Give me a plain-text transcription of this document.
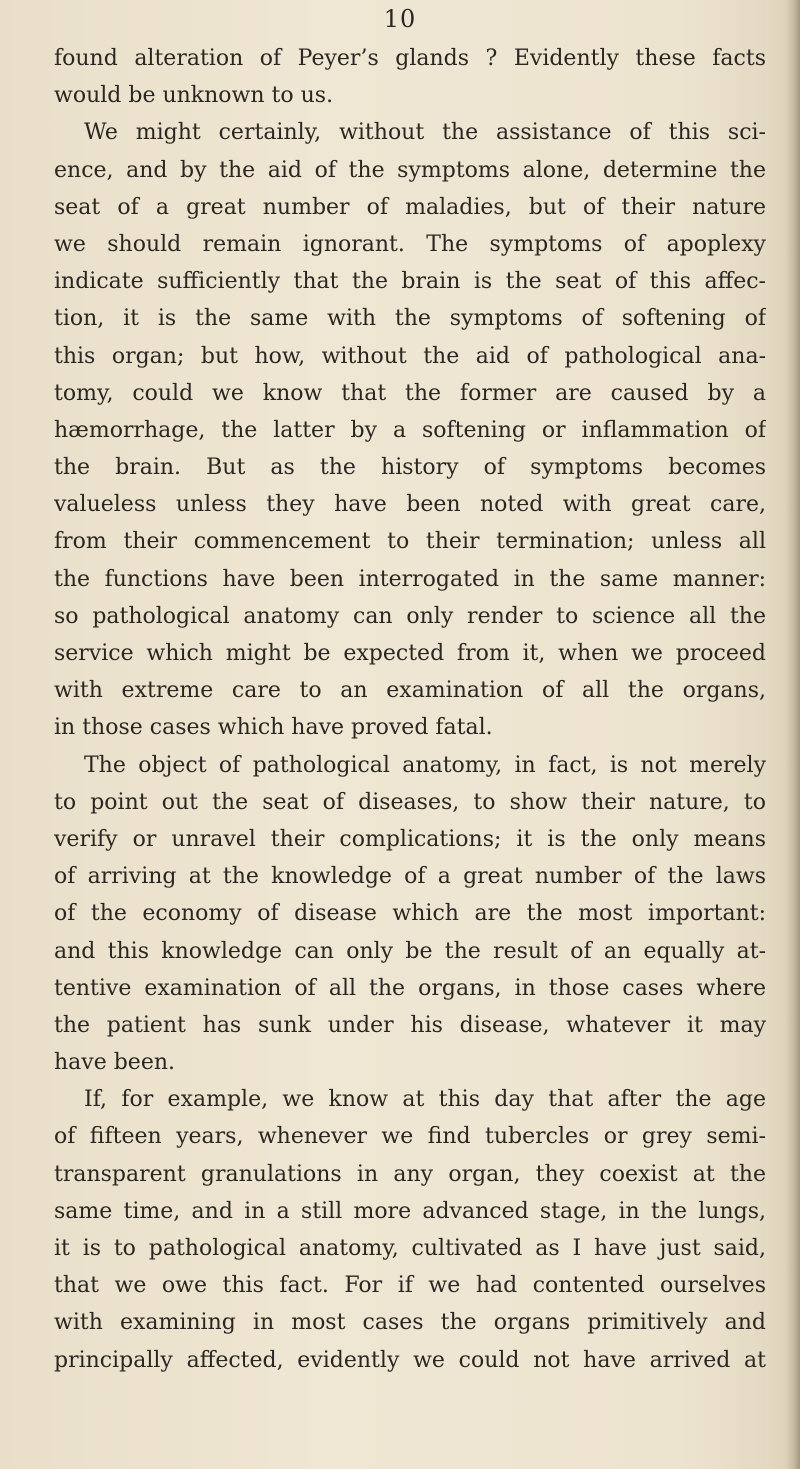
10
found alteration of Peyer’s glands ? Evidently these facts
would be unknown to us.
We might certainly, without the assistance of this sci-
ence, and by the aid of the symptoms alone, determine the
seat of a great number of maladies, but of their nature
we should remain ignorant. The symptoms of apoplexy
indicate sufficiently that the brain is the seat of this affec-
tion, it is the same with the symptoms of softening of
this organ; but how, without the aid of pathological ana-
tomy, could we know that the former are caused by a
hæmorrhage, the latter by a softening or inflammation of
the brain. But as the history of symptoms becomes
valueless unless they have been noted with great care,
from their commencement to their termination; unless all
the functions have been interrogated in the same manner:
so pathological anatomy can only render to science all the
service which might be expected from it, when we proceed
with extreme care to an examination of all the organs,
in those cases which have proved fatal.
The object of pathological anatomy, in fact, is not merely
to point out the seat of diseases, to show their nature, to
verify or unravel their complications; it is the only means
of arriving at the knowledge of a great number of the laws
of the economy of disease which are the most important:
and this knowledge can only be the result of an equally at-
tentive examination of all the organs, in those cases where
the patient has sunk under his disease, whatever it may
have been.
If, for example, we know at this day that after the age
of fifteen years, whenever we find tubercles or grey semi-
transparent granulations in any organ, they coexist at the
same time, and in a still more advanced stage, in the lungs,
it is to pathological anatomy, cultivated as I have just said,
that we owe this fact. For if we had contented ourselves
with examining in most cases the organs primitively and
principally affected, evidently we could not have arrived at
